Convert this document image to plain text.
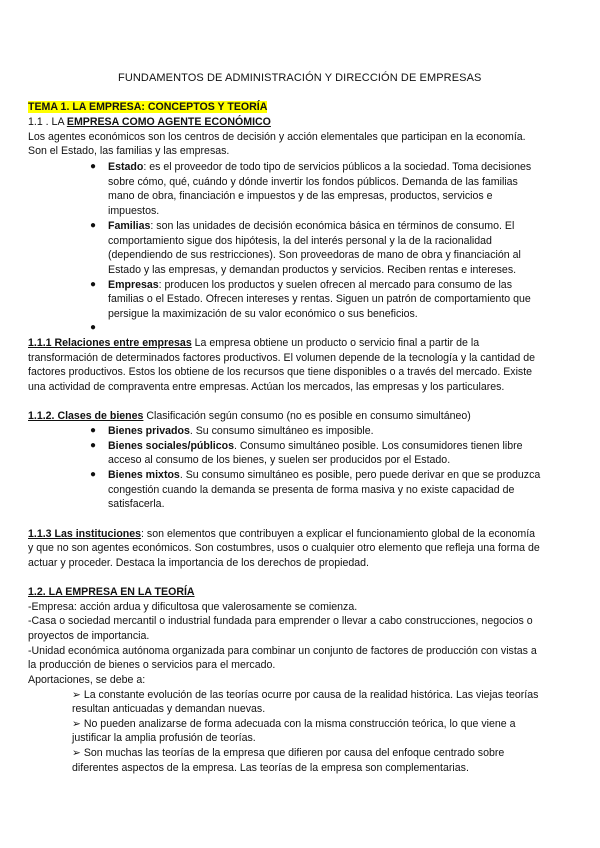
FUNDAMENTOS DE ADMINISTRACIÓN Y DIRECCIÓN DE EMPRESAS
TEMA 1. LA EMPRESA: CONCEPTOS Y TEORÍA
1.1 . LA EMPRESA COMO AGENTE ECONÓMICO
Los agentes económicos son los centros de decisión y acción elementales que participan en la economía.
Son el Estado, las familias y las empresas.
● Estado: es el proveedor de todo tipo de servicios públicos a la sociedad. Toma decisiones
sobre cómo, qué, cuándo y dónde invertir los fondos públicos. Demanda de las familias
mano de obra, financiación e impuestos y de las empresas, productos, servicios e
impuestos.
● Familias: son las unidades de decisión económica básica en términos de consumo. El
comportamiento sigue dos hipótesis, la del interés personal y la de la racionalidad
(dependiendo de sus restricciones). Son proveedoras de mano de obra y financiación al
Estado y las empresas, y demandan productos y servicios. Reciben rentas e intereses.
● Empresas: producen los productos y suelen ofrecen al mercado para consumo de las
familias o el Estado. Ofrecen intereses y rentas. Siguen un patrón de comportamiento que
persigue la maximización de su valor económico o sus beneficios.
●
1.1.1 Relaciones entre empresas La empresa obtiene un producto o servicio final a partir de la
transformación de determinados factores productivos. El volumen depende de la tecnología y la cantidad de
factores productivos. Estos los obtiene de los recursos que tiene disponibles o a través del mercado. Existe
una actividad de compraventa entre empresas. Actúan los mercados, las empresas y los particulares.
1.1.2. Clases de bienes Clasificación según consumo (no es posible en consumo simultáneo)
● Bienes privados. Su consumo simultáneo es imposible.
● Bienes sociales/públicos. Consumo simultáneo posible. Los consumidores tienen libre
acceso al consumo de los bienes, y suelen ser producidos por el Estado.
● Bienes mixtos. Su consumo simultáneo es posible, pero puede derivar en que se produzca
congestión cuando la demanda se presenta de forma masiva y no existe capacidad de
satisfacerla.
1.1.3 Las instituciones: son elementos que contribuyen a explicar el funcionamiento global de la economía
y que no son agentes económicos. Son costumbres, usos o cualquier otro elemento que refleja una forma de
actuar y proceder. Destaca la importancia de los derechos de propiedad.
1.2. LA EMPRESA EN LA TEORÍA
-Empresa: acción ardua y dificultosa que valerosamente se comienza.
-Casa o sociedad mercantil o industrial fundada para emprender o llevar a cabo construcciones, negocios o
proyectos de importancia.
-Unidad económica autónoma organizada para combinar un conjunto de factores de producción con vistas a
la producción de bienes o servicios para el mercado.
Aportaciones, se debe a:
➢ La constante evolución de las teorías ocurre por causa de la realidad histórica. Las viejas teorías
resultan anticuadas y demandan nuevas.
➢ No pueden analizarse de forma adecuada con la misma construcción teórica, lo que viene a
justificar la amplia profusión de teorías.
➢ Son muchas las teorías de la empresa que difieren por causa del enfoque centrado sobre
diferentes aspectos de la empresa. Las teorías de la empresa son complementarias.
